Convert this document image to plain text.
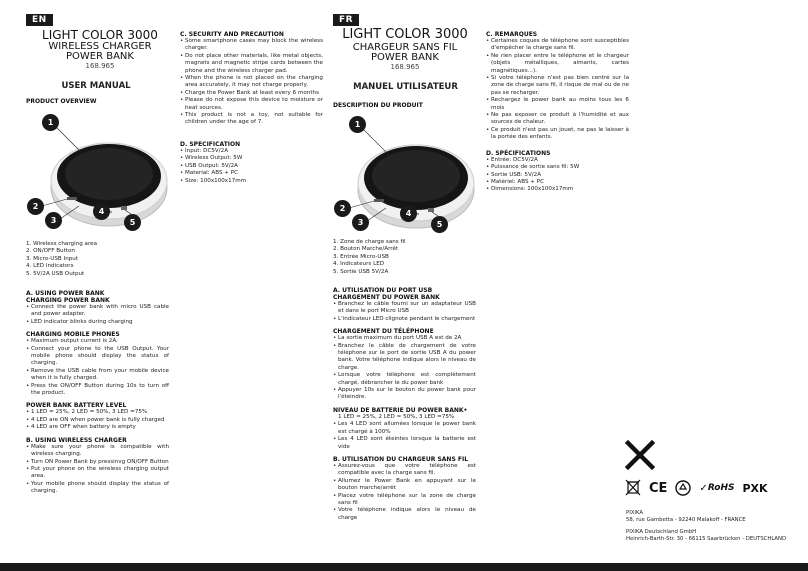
EN
LIGHT COLOR 3000
WIRELESS CHARGER
POWER BANK
168.965
USER MANUAL
PRODUCT OVERVIEW
1
2
3
4
5
1. Wireless charging area
2. ON/OFF Button
3. Micro-USB Input
4. LED Indicators
5. 5V/2A USB Output
A. USING POWER BANK
CHARGING POWER BANK
• Connect the power bank with micro USB cable and power adapter.
• LED indicator blinks during charging
CHARGING MOBILE PHONES
• Maximum output current is 2A.
• Connect your phone to the USB Output. Your mobile phone should display the status of charging.
• Remove the USB cable from your mobile device when it is fully charged.
• Press the ON/OFF Button during 10s to turn off the product.
POWER BANK BATTERY LEVEL
• 1 LED = 25%, 2 LED = 50%, 3 LED =75%
• 4 LED are ON when power bank is fully charged
• 4 LED are OFF when battery is empty
B. USING WIRELESS CHARGER
• Make sure your phone is compatible with wireless charging.
• Turn ON Power Bank by pressinvg ON/OFF Button
• Put your phone on the wireless charging output area.
• Your mobile phone should display the status of charging.
C. SECURITY AND PRECAUTION
• Some smartphone cases may block the wireless charger.
• Do not place other materials, like metal objects, magnets and magnetic stripe cards between the phone and the wireless charger pad.
• When the phone is not placed on the charging area accurately, it may not charge properly.
• Charge the Power Bank at least every 6 months
• Please do not expose this device to moisture or heat sources.
• This product is not a toy, not suitable for children under the age of 7.
D. SPECIFICATION
• Input: DC5V/2A
• Wireless Output: 5W
• USB Output: 5V/2A
• Material: ABS + PC
• Size: 100x100x17mm
FR
LIGHT COLOR 3000
CHARGEUR SANS FIL
POWER BANK
168.965
MANUEL UTILISATEUR
DESCRIPTION DU PRODUIT
1
2
3
4
5
1. Zone de charge sans fil
2. Bouton Marche/Arrêt
3. Entrée Micro-USB
4. Indicateurs LED
5. Sortie USB 5V/2A
A. UTILISATION DU PORT USB
CHARGEMENT DU POWER BANK
• Branchez le câble fourni sur un adaptateur USB et dans le port Micro USB
• L'indicateur LED clignote pendant le chargement
CHARGEMENT DU TÉLÉPHONE
• La sortie maximum du port USB A est de 2A
• Branchez le câble de chargement de votre téléphone sur le port de sortie USB A du power bank. Votre téléphone indique alors le niveau de charge.
• Lorsque votre téléphone est complètement chargé, débrancher le du power bank
• Appuyer 10s sur le bouton du power bank pour l'éteindre.
NIVEAU DE BATTERIE DU POWER BANK•
1 LED = 25%, 2 LED = 50%, 3 LED =75%
• Les 4 LED sont allumées lorsque le power bank est chargé à 100%
• Les 4 LED sont éteintes lorsque la batterie est vide
B. UTILISATION DU CHARGEUR SANS FIL
• Assurez-vous que votre téléphone est compatible avec la charge sans fil.
• Allumez le Power Bank en appuyant sur le bouton marche/arrêt
• Placez votre téléphone sur la zone de charge sans fil
• Votre téléphone indique alors le niveau de charge
C. REMARQUES
• Certaines coques de téléphone sont susceptibles d'empêcher la charge sans fil.
• Ne rien placer entre le téléphone et le chargeur (objets métalliques, aimants, cartes magnétiques...).
• Si votre téléphone n'est pas bien centré sur la zone de charge sans fil, il risque de mal ou de ne pas se recharger.
• Rechargez le power bank au moins tous les 6 mois
• Ne pas exposer ce produit à l'humidité et aux sources de chaleur.
• Ce produit n'est pas un jouet, ne pas le laisser à la portée des enfants.
D. SPÉCIFICATIONS
• Entrée: DC5V/2A
• Puissance de sortie sans fil: 5W
• Sortie USB: 5V/2A
• Matériel: ABS + PC
• Dimensions: 100x100x17mm
CE	✓ RoHS PXK
PIXIKA
58, rue Gambetta - 92240 Malakoff - FRANCE
PIXIKA Deutschland GmbH
Heinrich-Barth-Str. 30 - 66115 Saarbrücken - DEUTSCHLAND
